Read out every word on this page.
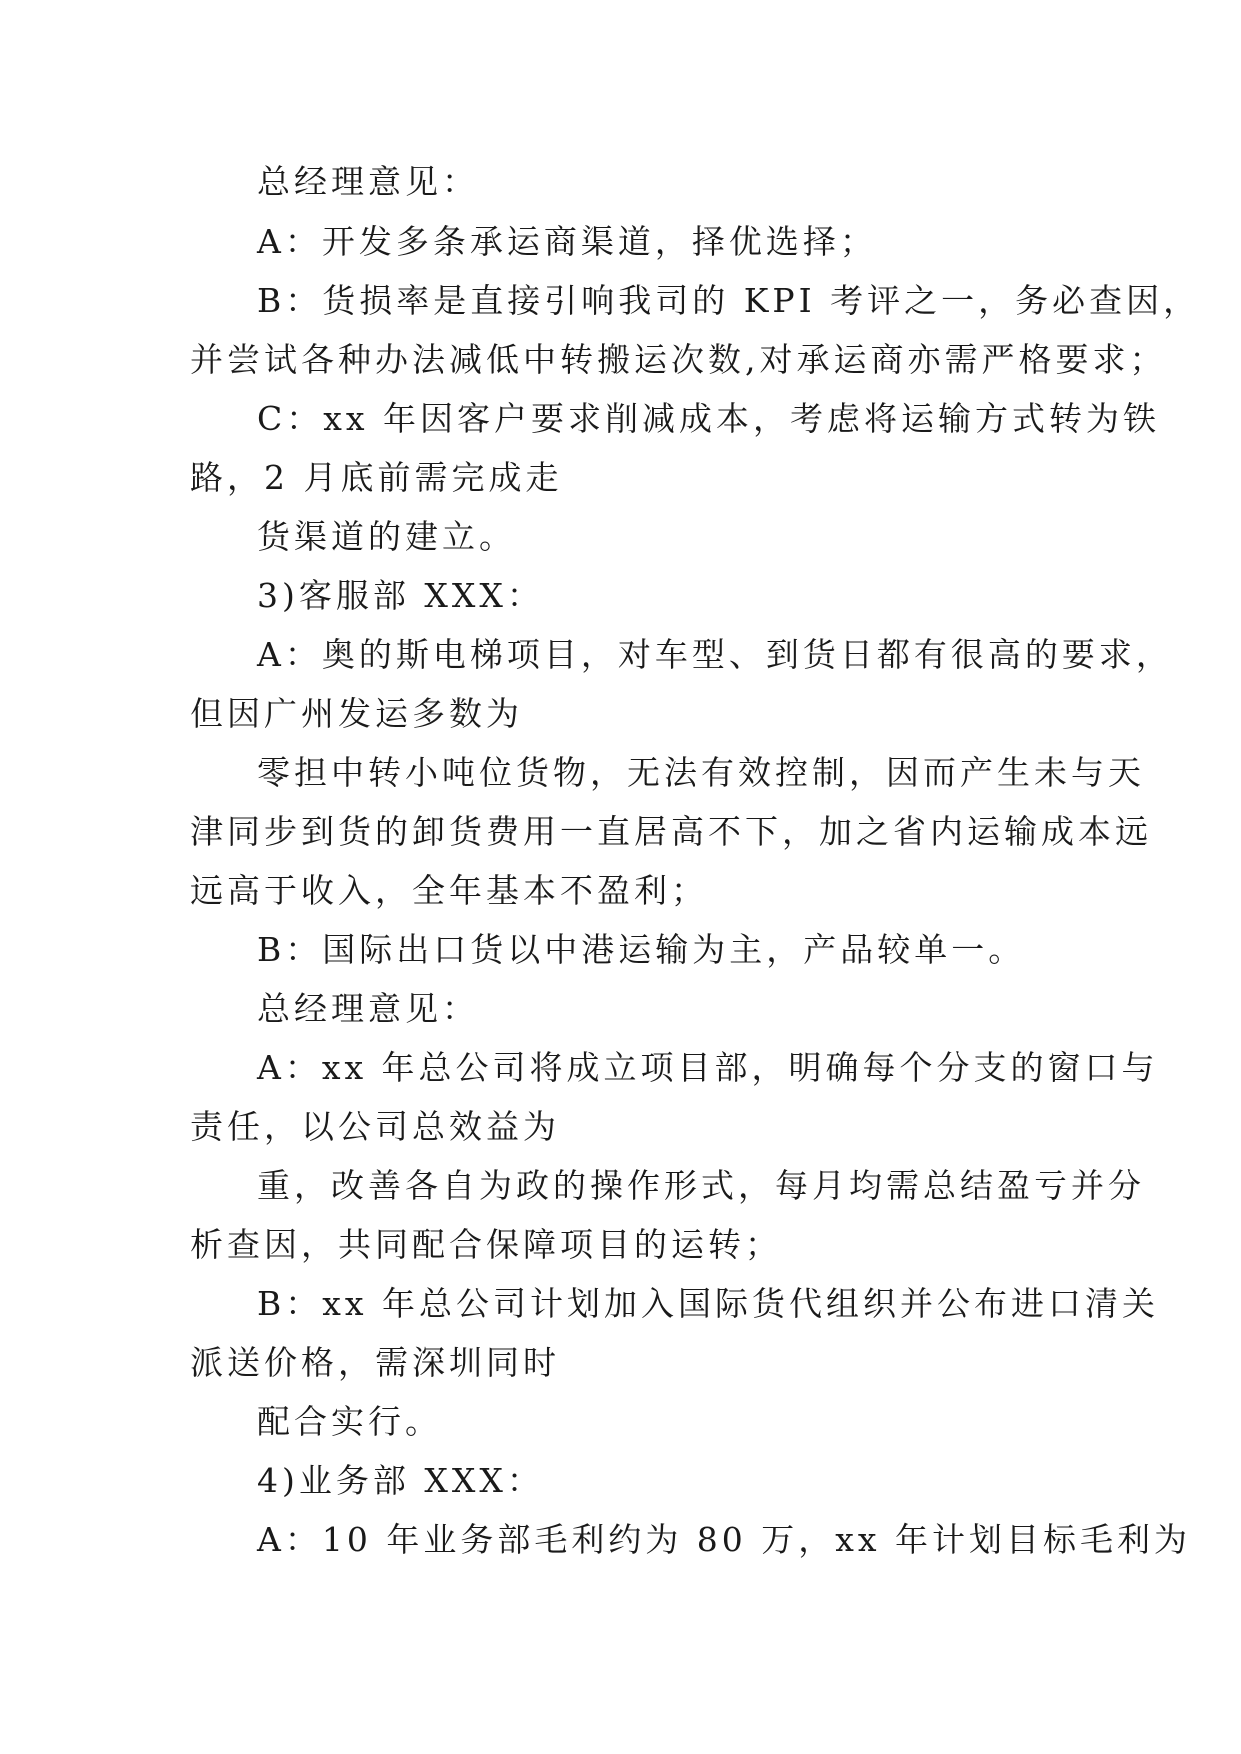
总经理意见：
A：开发多条承运商渠道，择优选择；
B：货损率是直接引响我司的 KPI 考评之一，务必查因，
并尝试各种办法减低中转搬运次数,对承运商亦需严格要求；
C：xx 年因客户要求削减成本，考虑将运输方式转为铁
路，2 月底前需完成走
货渠道的建立。
3)客服部 XXX：
A：奥的斯电梯项目，对车型、到货日都有很高的要求，
但因广州发运多数为
零担中转小吨位货物，无法有效控制，因而产生未与天
津同步到货的卸货费用一直居高不下，加之省内运输成本远
远高于收入，全年基本不盈利；
B：国际出口货以中港运输为主，产品较单一。
总经理意见：
A：xx 年总公司将成立项目部，明确每个分支的窗口与
责任，以公司总效益为
重，改善各自为政的操作形式，每月均需总结盈亏并分
析查因，共同配合保障项目的运转；
B：xx 年总公司计划加入国际货代组织并公布进口清关
派送价格，需深圳同时
配合实行。
4)业务部 XXX：
A：10 年业务部毛利约为 80 万，xx 年计划目标毛利为
